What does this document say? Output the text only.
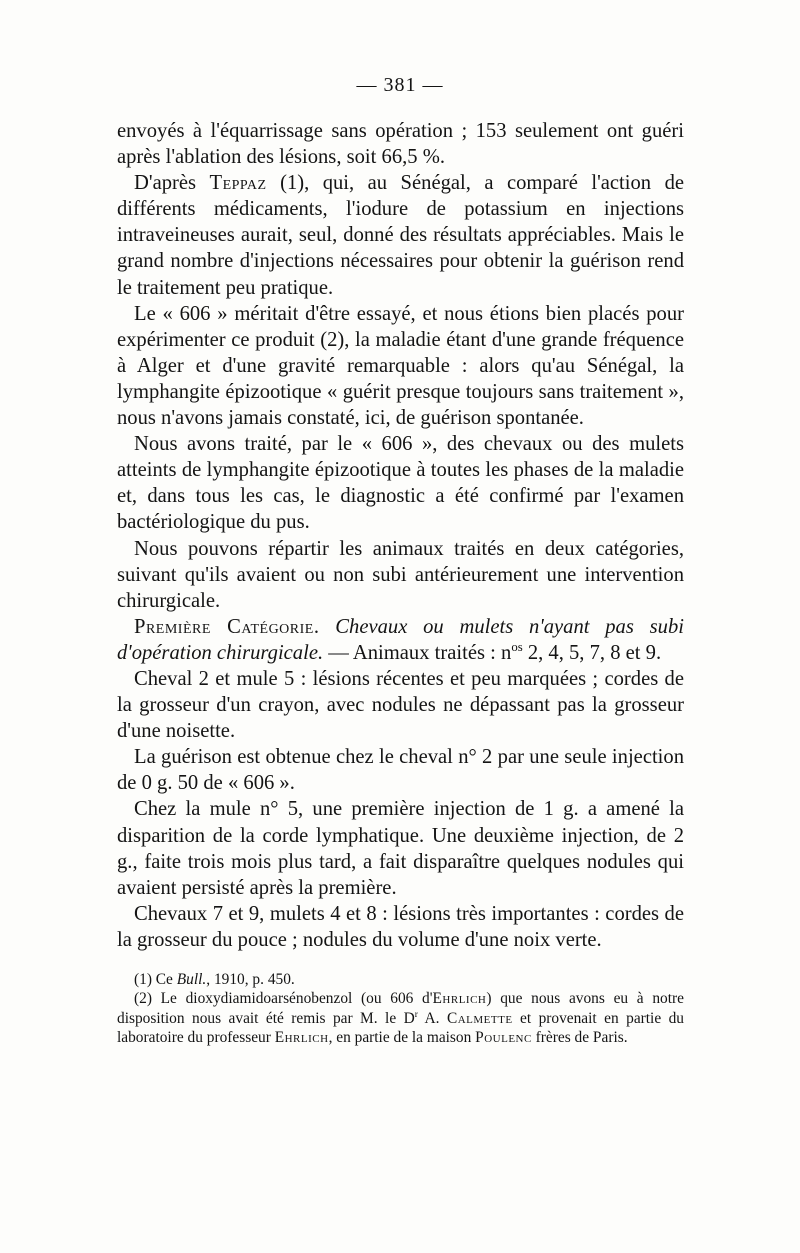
— 381 —

envoyés à l'équarrissage sans opération ; 153 seulement ont guéri après l'ablation des lésions, soit 66,5 %.

D'après Teppaz (1), qui, au Sénégal, a comparé l'action de différents médicaments, l'iodure de potassium en injections intraveineuses aurait, seul, donné des résultats appréciables. Mais le grand nombre d'injections nécessaires pour obtenir la guérison rend le traitement peu pratique.

Le « 606 » méritait d'être essayé, et nous étions bien placés pour expérimenter ce produit (2), la maladie étant d'une grande fréquence à Alger et d'une gravité remarquable : alors qu'au Sénégal, la lymphangite épizootique « guérit presque toujours sans traitement », nous n'avons jamais constaté, ici, de guérison spontanée.

Nous avons traité, par le « 606 », des chevaux ou des mulets atteints de lymphangite épizootique à toutes les phases de la maladie et, dans tous les cas, le diagnostic a été confirmé par l'examen bactériologique du pus.

Nous pouvons répartir les animaux traités en deux catégories, suivant qu'ils avaient ou non subi antérieurement une intervention chirurgicale.

Première Catégorie. Chevaux ou mulets n'ayant pas subi d'opération chirurgicale. — Animaux traités : $n^{os}$ 2, 4, 5, 7, 8 et 9.

Cheval 2 et mule 5 : lésions récentes et peu marquées ; cordes de la grosseur d'un crayon, avec nodules ne dépassant pas la grosseur d'une noisette.

La guérison est obtenue chez le cheval n° 2 par une seule injection de 0 g. 50 de « 606 ».

Chez la mule n° 5, une première injection de 1 g. a amené la disparition de la corde lymphatique. Une deuxième injection, de 2 g., faite trois mois plus tard, a fait disparaître quelques nodules qui avaient persisté après la première.

Chevaux 7 et 9, mulets 4 et 8 : lésions très importantes : cordes de la grosseur du pouce ; nodules du volume d'une noix verte.

(1) Ce Bull., 1910, p. 450.

(2) Le dioxydiamidoarsénobenzol (ou 606 d'Ehrlich) que nous avons eu à notre disposition nous avait été remis par M. le $D^r$ A. Calmette et provenait en partie du laboratoire du professeur Ehrlich, en partie de la maison Poulenc frères de Paris.
